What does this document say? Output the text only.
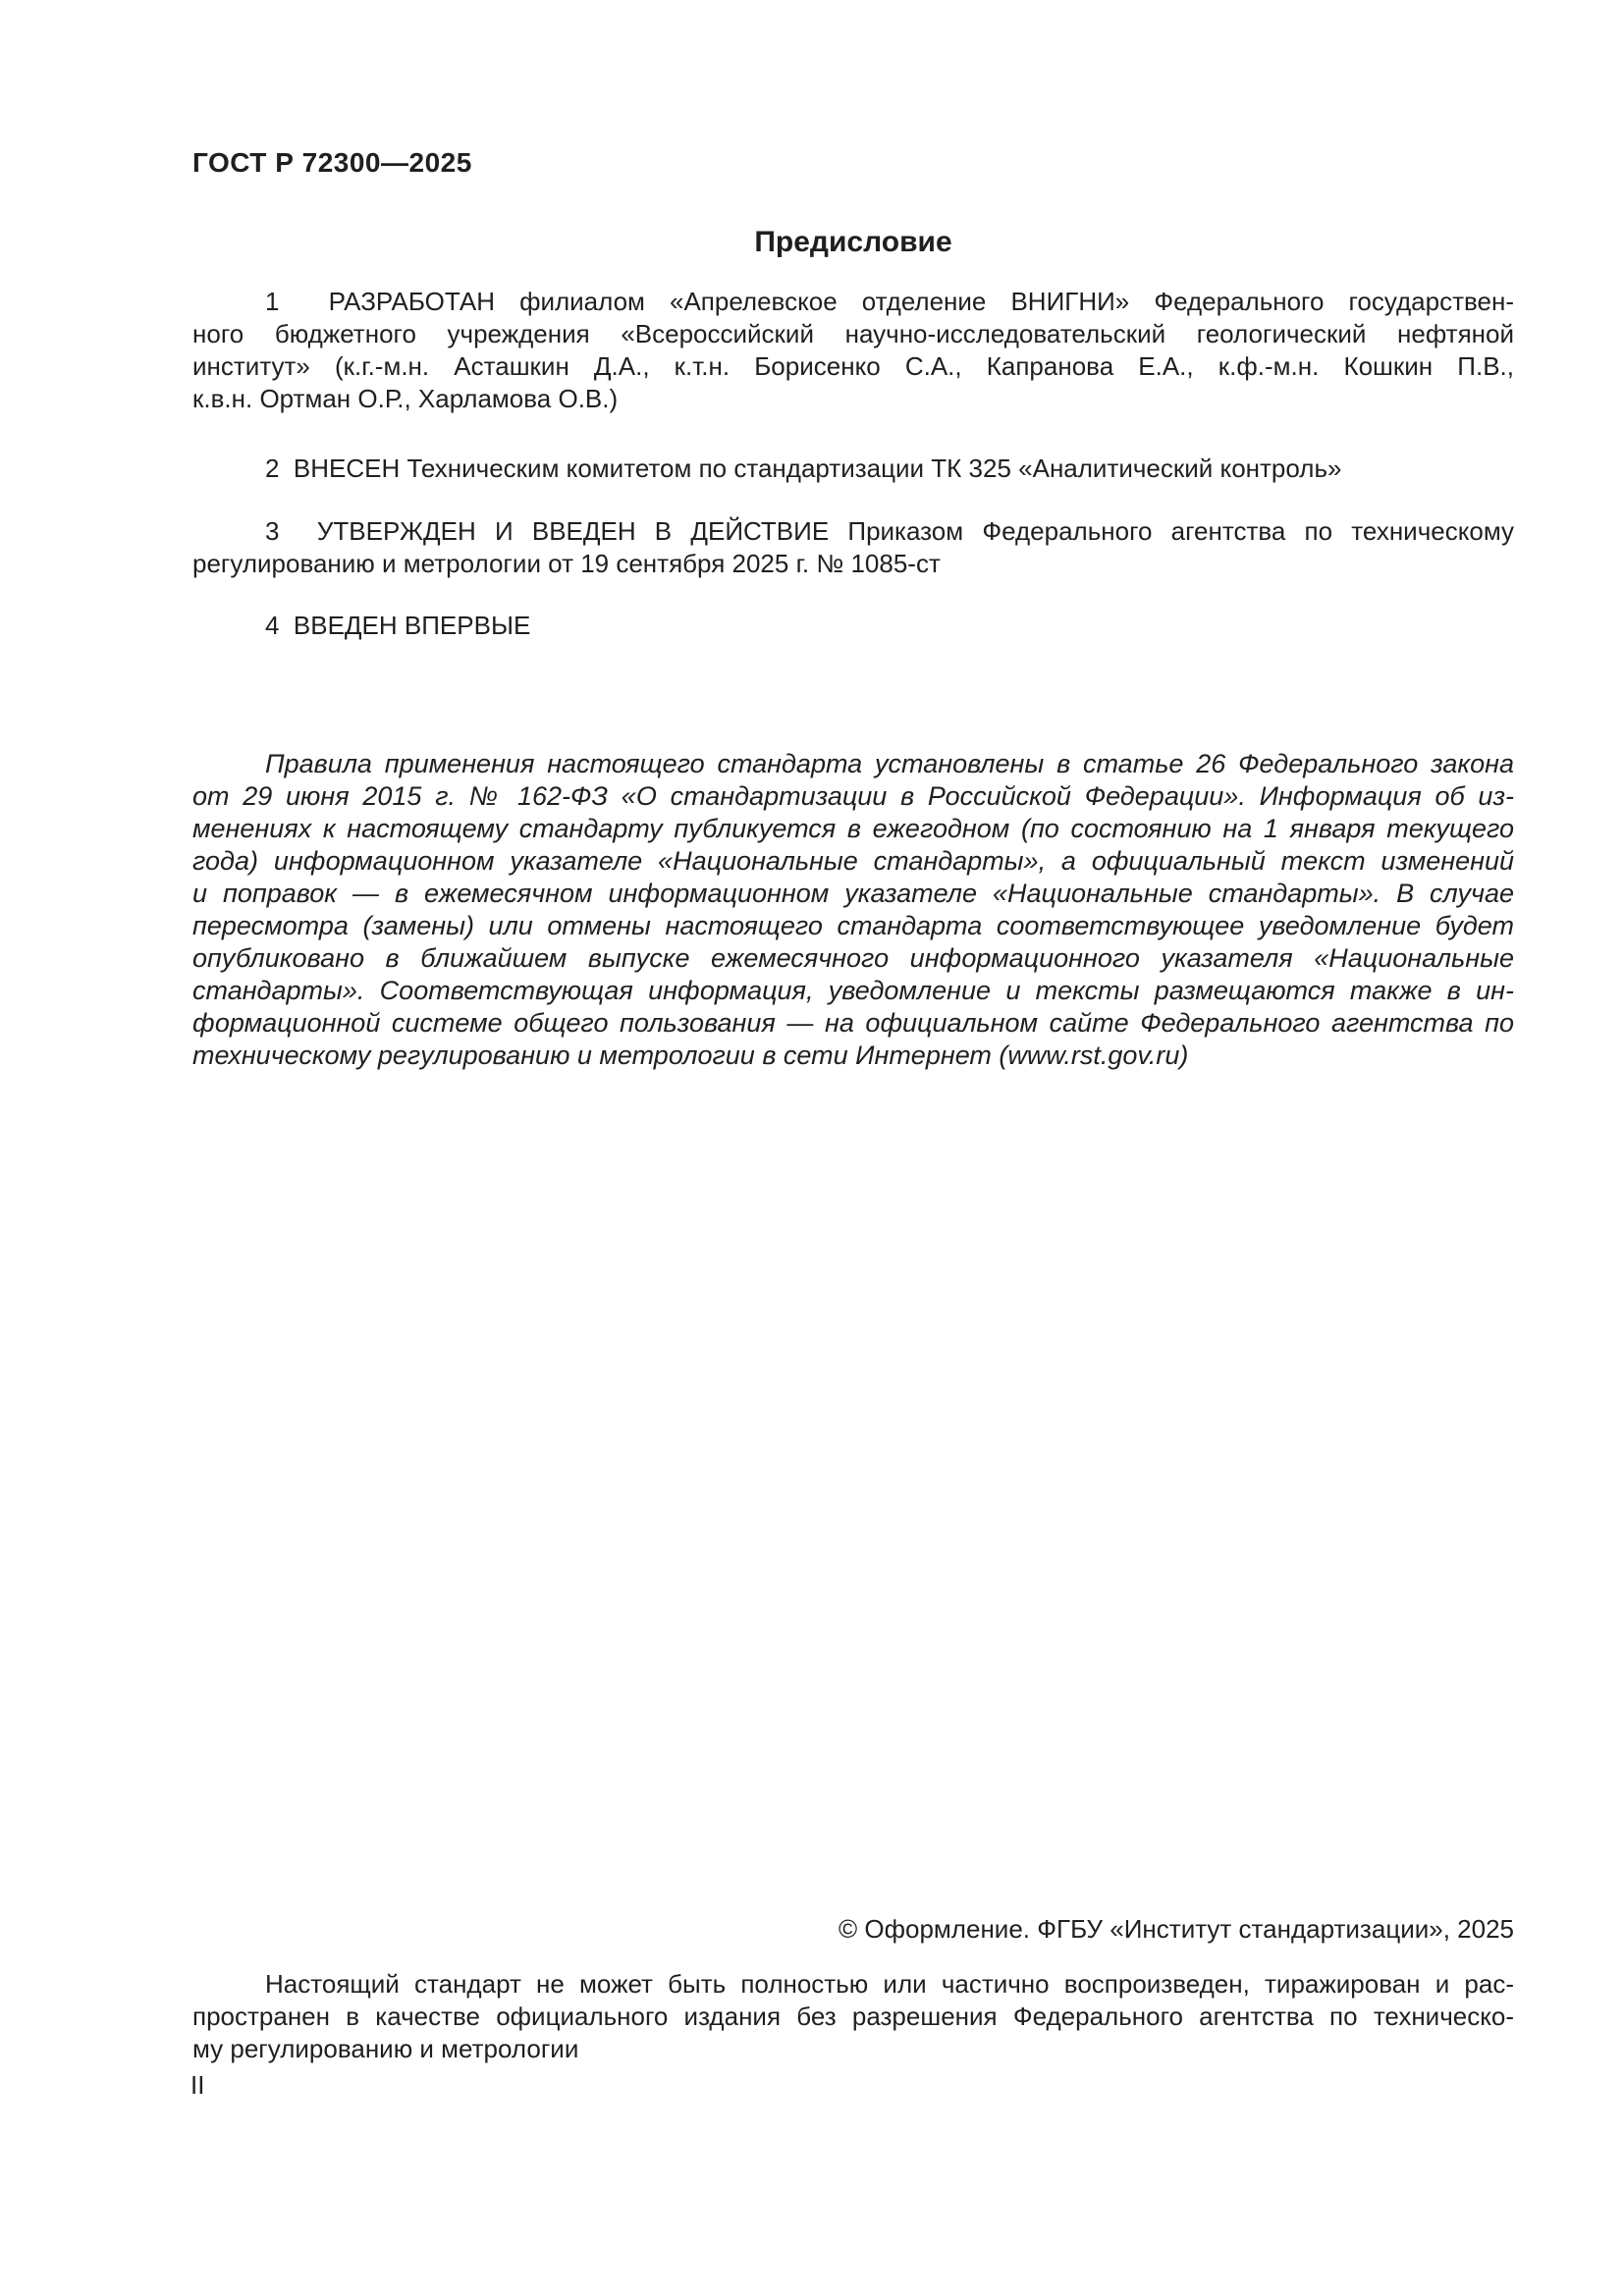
ГОСТ Р 72300—2025
Предисловие
1  РАЗРАБОТАН филиалом «Апрелевское отделение ВНИГНИ» Федерального государствен-
ного бюджетного учреждения «Всероссийский научно-исследовательский геологический нефтяной
институт» (к.г.-м.н. Асташкин Д.А., к.т.н. Борисенко С.А., Капранова Е.А., к.ф.-м.н. Кошкин П.В.,
к.в.н. Ортман О.Р., Харламова О.В.)
2  ВНЕСЕН Техническим комитетом по стандартизации ТК 325 «Аналитический контроль»
3  УТВЕРЖДЕН И ВВЕДЕН В ДЕЙСТВИЕ Приказом Федерального агентства по техническому
регулированию и метрологии от 19 сентября 2025 г. № 1085-ст
4  ВВЕДЕН ВПЕРВЫЕ
Правила применения настоящего стандарта установлены в статье 26 Федерального закона
от 29 июня 2015 г. № 162-ФЗ «О стандартизации в Российской Федерации». Информация об из-
менениях к настоящему стандарту публикуется в ежегодном (по состоянию на 1 января текущего
года) информационном указателе «Национальные стандарты», а официальный текст изменений
и поправок — в ежемесячном информационном указателе «Национальные стандарты». В случае
пересмотра (замены) или отмены настоящего стандарта соответствующее уведомление будет
опубликовано в ближайшем выпуске ежемесячного информационного указателя «Национальные
стандарты». Соответствующая информация, уведомление и тексты размещаются также в ин-
формационной системе общего пользования — на официальном сайте Федерального агентства по
техническому регулированию и метрологии в сети Интернет (www.rst.gov.ru)
© Оформление. ФГБУ «Институт стандартизации», 2025
Настоящий стандарт не может быть полностью или частично воспроизведен, тиражирован и рас-
пространен в качестве официального издания без разрешения Федерального агентства по техническо-
му регулированию и метрологии
II
